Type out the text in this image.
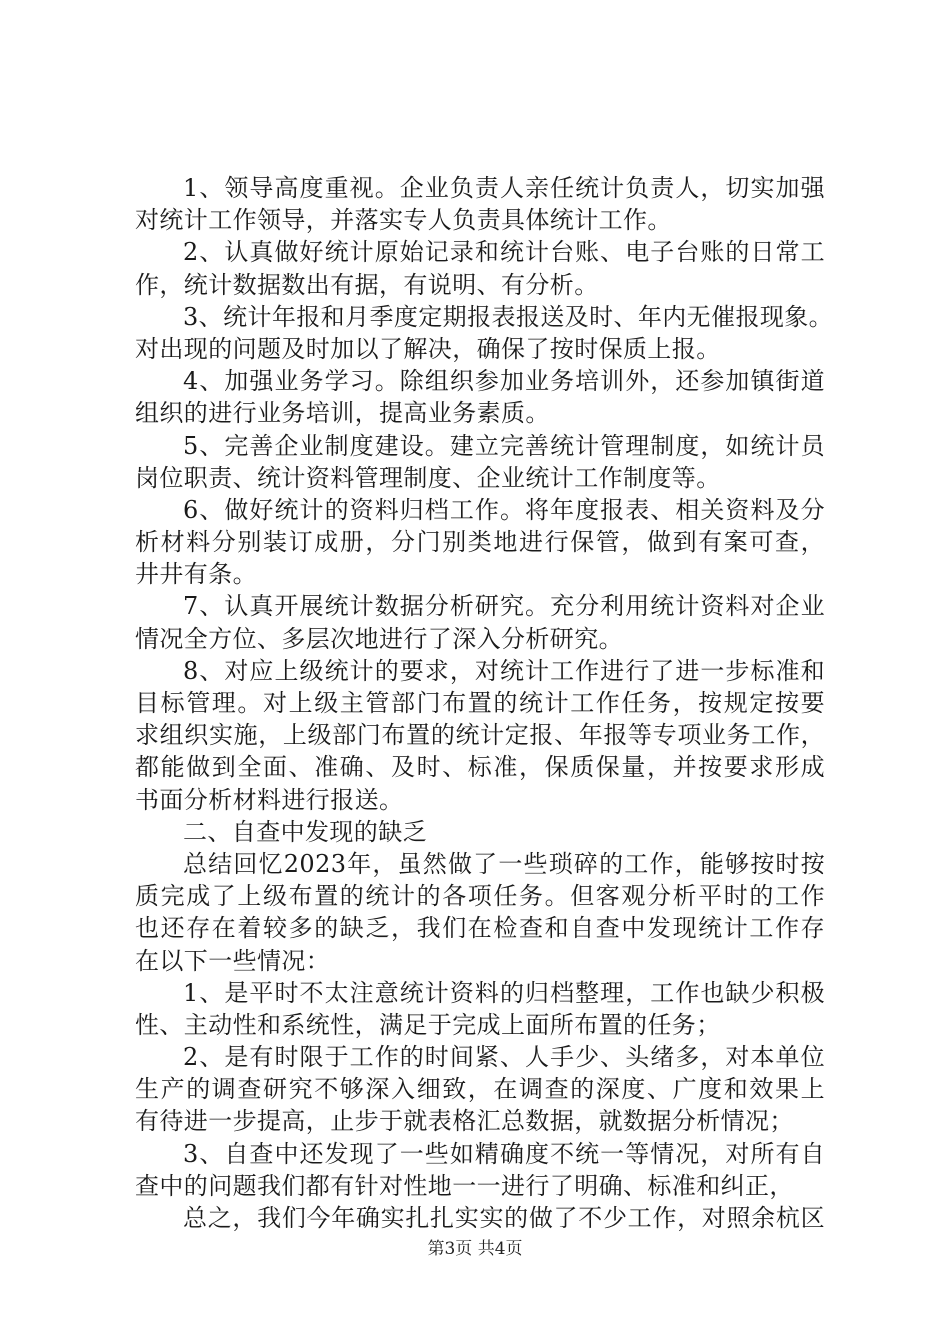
1、领导高度重视。企业负责人亲任统计负责人，切实加强
对统计工作领导，并落实专人负责具体统计工作。
2、认真做好统计原始记录和统计台账、电子台账的日常工
作，统计数据数出有据，有说明、有分析。
3、统计年报和月季度定期报表报送及时、年内无催报现象。
对出现的问题及时加以了解决，确保了按时保质上报。
4、加强业务学习。除组织参加业务培训外，还参加镇街道
组织的进行业务培训，提高业务素质。
5、完善企业制度建设。建立完善统计管理制度，如统计员
岗位职责、统计资料管理制度、企业统计工作制度等。
6、做好统计的资料归档工作。将年度报表、相关资料及分
析材料分别装订成册，分门别类地进行保管，做到有案可查，
井井有条。
7、认真开展统计数据分析研究。充分利用统计资料对企业
情况全方位、多层次地进行了深入分析研究。
8、对应上级统计的要求，对统计工作进行了进一步标准和
目标管理。对上级主管部门布置的统计工作任务，按规定按要
求组织实施，上级部门布置的统计定报、年报等专项业务工作，
都能做到全面、准确、及时、标准，保质保量，并按要求形成
书面分析材料进行报送。
二、自查中发现的缺乏
总结回忆2023年，虽然做了一些琐碎的工作，能够按时按
质完成了上级布置的统计的各项任务。但客观分析平时的工作
也还存在着较多的缺乏，我们在检查和自查中发现统计工作存
在以下一些情况：
1、是平时不太注意统计资料的归档整理，工作也缺少积极
性、主动性和系统性，满足于完成上面所布置的任务；
2、是有时限于工作的时间紧、人手少、头绪多，对本单位
生产的调查研究不够深入细致，在调查的深度、广度和效果上
有待进一步提高，止步于就表格汇总数据，就数据分析情况；
3、自查中还发现了一些如精确度不统一等情况，对所有自
查中的问题我们都有针对性地一一进行了明确、标准和纠正，
总之，我们今年确实扎扎实实的做了不少工作，对照余杭区
第3页 共4页
